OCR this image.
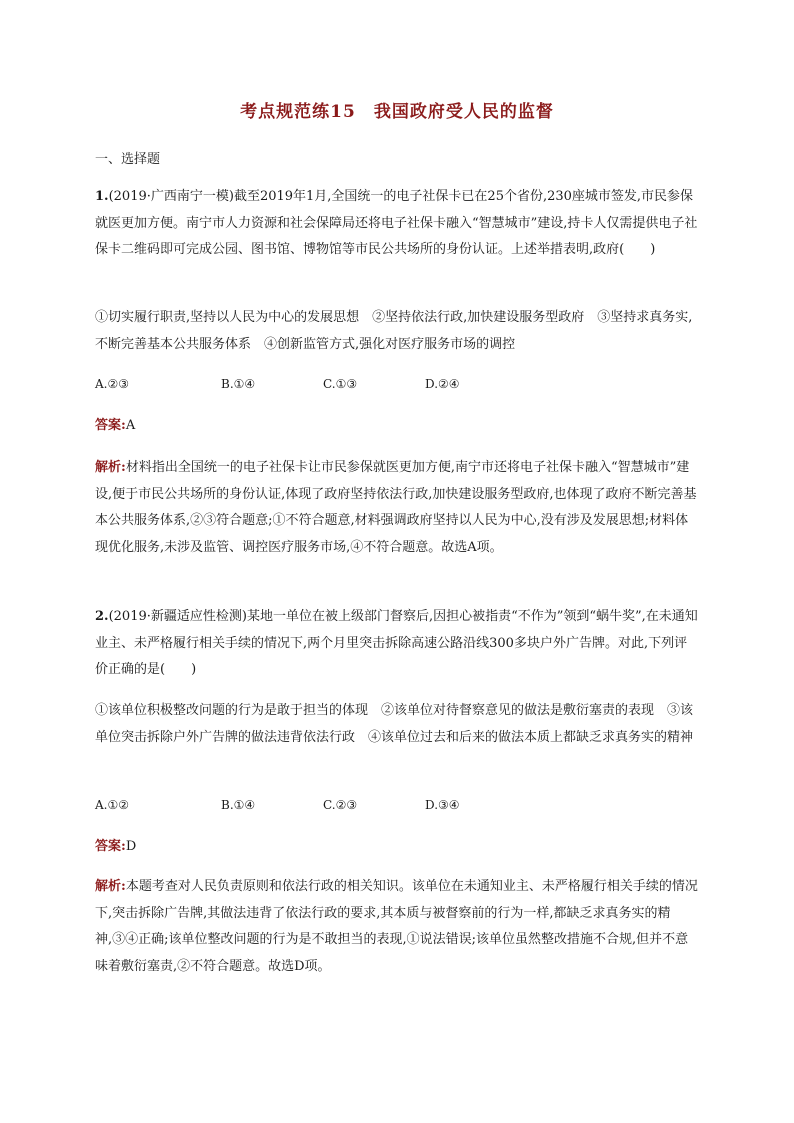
考点规范练15　我国政府受人民的监督
一、选择题
1.(2019·广西南宁一模)截至2019年1月,全国统一的电子社保卡已在25个省份,230座城市签发,市民参保就医更加方便。南宁市人力资源和社会保障局还将电子社保卡融入“智慧城市”建设,持卡人仅需提供电子社保卡二维码即可完成公园、图书馆、博物馆等市民公共场所的身份认证。上述举措表明,政府(　　)
①切实履行职责,坚持以人民为中心的发展思想　②坚持依法行政,加快建设服务型政府　③坚持求真务实,不断完善基本公共服务体系　④创新监管方式,强化对医疗服务市场的调控
A.②③	B.①④	C.①③	D.②④
答案:A
解析:材料指出全国统一的电子社保卡让市民参保就医更加方便,南宁市还将电子社保卡融入“智慧城市”建设,便于市民公共场所的身份认证,体现了政府坚持依法行政,加快建设服务型政府,也体现了政府不断完善基本公共服务体系,②③符合题意;①不符合题意,材料强调政府坚持以人民为中心,没有涉及发展思想;材料体现优化服务,未涉及监管、调控医疗服务市场,④不符合题意。故选A项。
2.(2019·新疆适应性检测)某地一单位在被上级部门督察后,因担心被指责“不作为”领到“蜗牛奖”,在未通知业主、未严格履行相关手续的情况下,两个月里突击拆除高速公路沿线300多块户外广告牌。对此,下列评价正确的是(　　)
①该单位积极整改问题的行为是敢于担当的体现　②该单位对待督察意见的做法是敷衍塞责的表现　③该单位突击拆除户外广告牌的做法违背依法行政　④该单位过去和后来的做法本质上都缺乏求真务实的精神
A.①②	B.①④	C.②③	D.③④
答案:D
解析:本题考查对人民负责原则和依法行政的相关知识。该单位在未通知业主、未严格履行相关手续的情况下,突击拆除广告牌,其做法违背了依法行政的要求,其本质与被督察前的行为一样,都缺乏求真务实的精神,③④正确;该单位整改问题的行为是不敢担当的表现,①说法错误;该单位虽然整改措施不合规,但并不意味着敷衍塞责,②不符合题意。故选D项。
